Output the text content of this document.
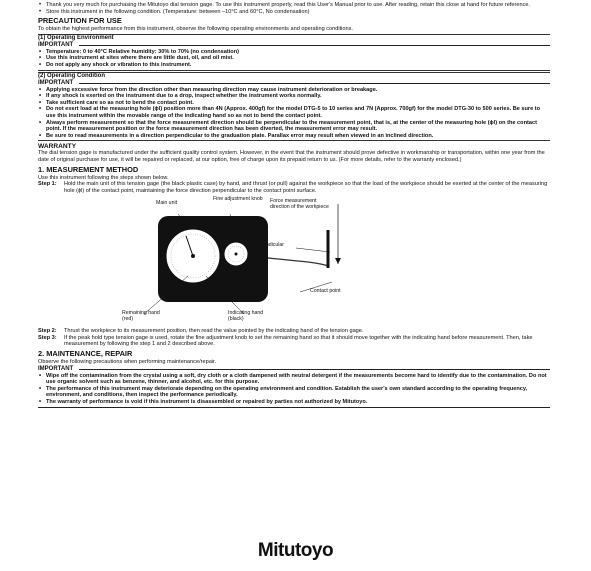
• Thank you very much for purchasing the Mitutoyo dial tension gage. To use this instrument properly, read this User's Manual prior to use. After reading, retain this close at hand for future reference.
• Store this instrument in the following condition. (Temperature: between –10°C and 60°C, No condensation)
PRECAUTION FOR USE

To obtain the highest performance from this instrument, observe the following operating environments and operating conditions.

(1) Operating Environment
IMPORTANT
• Temperature: 0 to 40°C Relative humidity: 30% to 70% (no condensation)
• Use this instrument at sites where there are little dust, oil, and oil mist.
• Do not apply any shock or vibration to this instrument.
(2) Operating Condition
IMPORTANT
• Applying excessive force from the direction other than measuring direction may cause instrument deterioration or breakage.
• If any shock is exerted on the instrument due to a drop, inspect whether the instrument works normally.
• Take sufficient care so as not to bend the contact point.
• Do not exert load at the measuring hole (ϕl) position more than 4N (Approx. 400gf) for the model DTG-5 to 10 series and 7N (Approx. 700gf) for the model DTG-30 to 500 series. Be sure to use this instrument within the movable range of the indicating hand so as not to bend the contact point.
• Always perform measurement so that the force measurement direction should be perpendicular to the measurement point, that is, at the center of the measuring hole (ϕl) on the contact point. If the measurement position or the force measurement direction has been diverted, the measurement error may result.
• Be sure to read measurements in a direction perpendicular to the graduation plate. Parallax error may result when viewed in an inclined direction.
WARRANTY

The dial tension gage is manufactured under the sufficient quality control system. However, in the event that the instrument should prove defective in workmanship or transportation, within one year from the date of original purchase for use, it will be repaired or replaced, at our option, free of charge upon its prepaid return to us. (For more details, refer to the warranty enclosed.)

1. MEASUREMENT METHOD

Use this instrument following the steps shown below.

Step 1:	Hold the main unit of this tension gage (the black plastic case) by hand, and thrust (or pull) against the workpiece so that the load of the workpiece should be exerted at the center of the measuring hole (ϕl) of the contact point, maintaining the force direction perpendicular to the contact point surface.
Main unit
Fine adjustment knob Force measurement direction of the workpiece
Perpendicular
Contact point
Remaining hand (red)
Indicating hand (black)
Step 2:	Thrust the workpiece to its measurement position, then read the value pointed by the indicating hand of the tension gage.
Step 3:	If the peak hold type tension gage is used, rotate the fine adjustment knob to set the remaining hand so that it should move together with the indicating hand before measurement. Then, take measurement by following the step 1 and 2 described above.
2. MAINTENANCE, REPAIR

Observe the following precautions when performing maintenance/repair.

IMPORTANT
• Wipe off the contamination from the crystal using a soft, dry cloth or a cloth dampened with neutral detergent if the measurements become hard to identify due to the contamination. Do not use organic solvent such as benzene, thinner, and alcohol, etc. for this purpose.
• The performance of this instrument may deteriorate depending on the operating environment and condition. Establish the user's own standard according to the operating frequency, environment, and conditions, then inspect the performance periodically.
• The warranty of performance is void if this instrument is disassembled or repaired by parties not authorized by Mitutoyo.
Mitutoyo
